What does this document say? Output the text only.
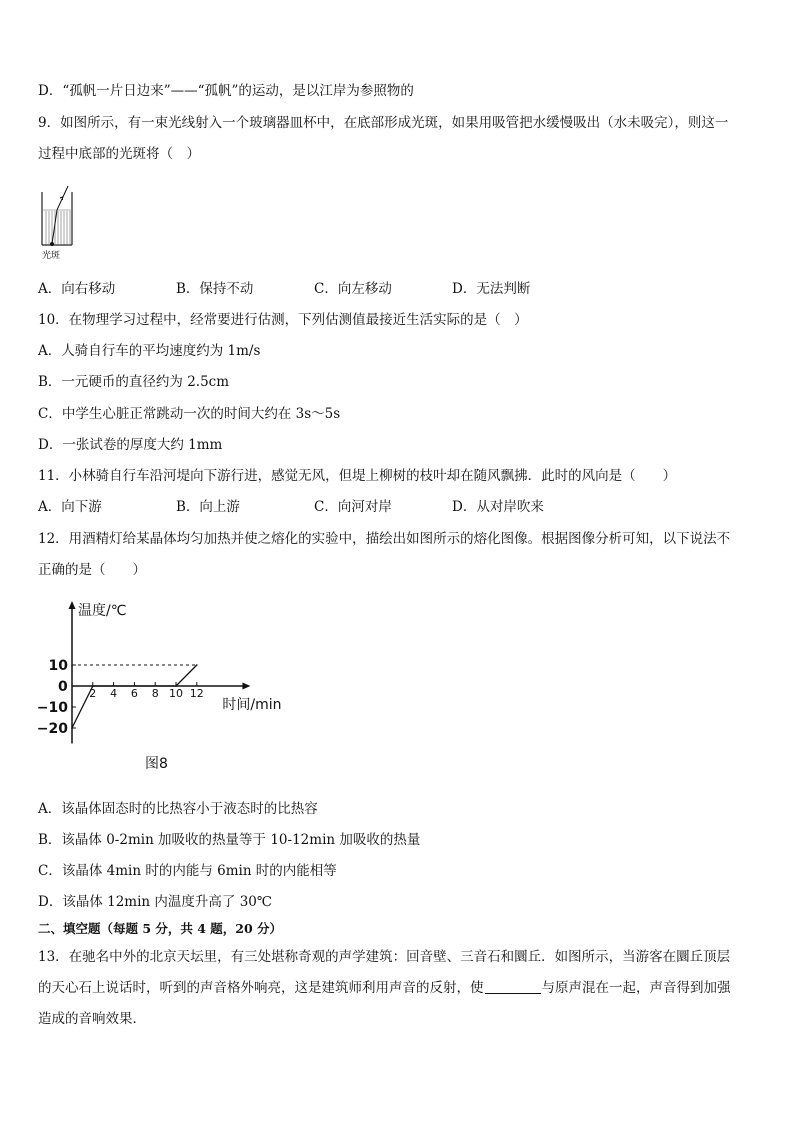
D．“孤帆一片日边来”——“孤帆”的运动，是以江岸为参照物的
9．如图所示，有一束光线射入一个玻璃器皿杯中，在底部形成光斑，如果用吸管把水缓慢吸出（水未吸完），则这一
过程中底部的光斑将（　）
光斑
A．向右移动	B．保持不动	C．向左移动	D．无法判断
10．在物理学习过程中，经常要进行估测，下列估测值最接近生活实际的是（　）
A．人骑自行车的平均速度约为 1m/s
B．一元硬币的直径约为 2.5cm
C．中学生心脏正常跳动一次的时间大约在 3s～5s
D．一张试卷的厚度大约 1mm
11．小林骑自行车沿河堤向下游行进，感觉无风，但堤上柳树的枝叶却在随风飘拂．此时的风向是（　　）
A．向下游	B．向上游	C．向河对岸	D．从对岸吹来
12．用酒精灯给某晶体均匀加热并使之熔化的实验中，描绘出如图所示的熔化图像。根据图像分析可知，以下说法不
正确的是（　　）
温度/℃
时间/min
图8
0 2 4 6 8 10 12
10
−10
−20
A．该晶体固态时的比热容小于液态时的比热容
B．该晶体 0-2min 加吸收的热量等于 10-12min 加吸收的热量
C．该晶体 4min 时的内能与 6min 时的内能相等
D．该晶体 12min 内温度升高了 30℃
二、填空题（每题 5 分，共 4 题，20 分）
13．在驰名中外的北京天坛里，有三处堪称奇观的声学建筑：回音壁、三音石和圜丘．如图所示，当游客在圜丘顶层
的天心石上说话时，听到的声音格外响亮，这是建筑师利用声音的反射，使	与原声混在一起，声音得到加强
造成的音响效果．
